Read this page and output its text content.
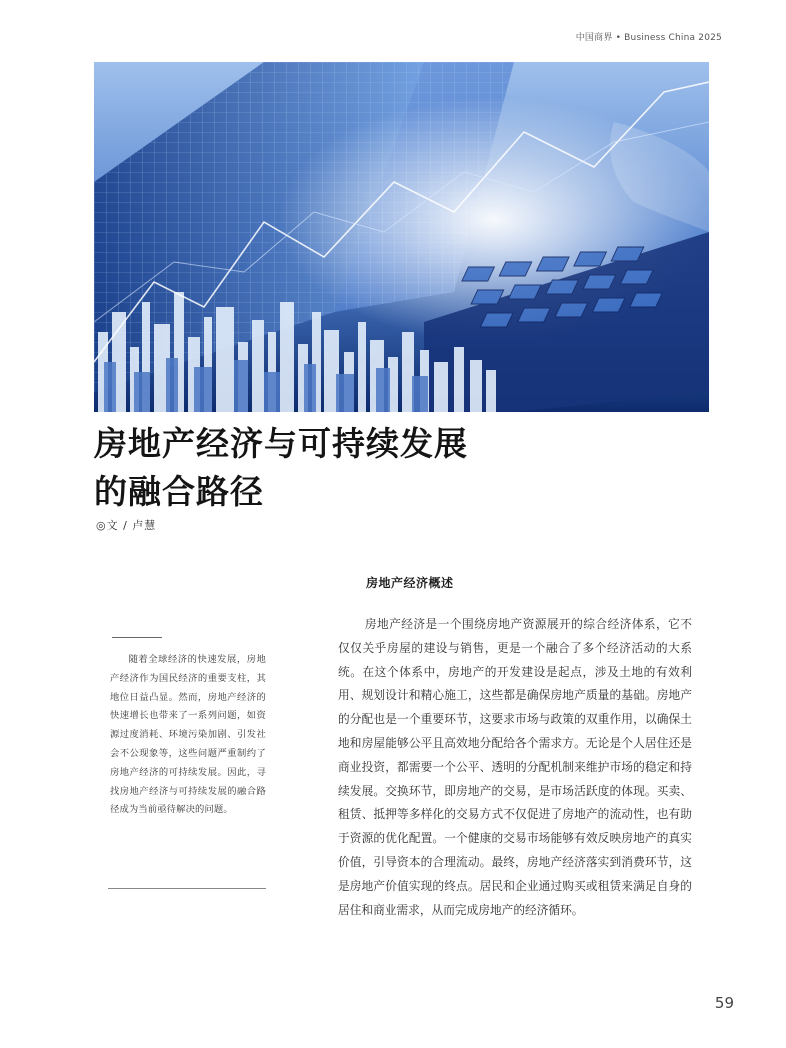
中国商界 • Business China 2025
房地产经济与可持续发展
的融合路径
◎文 / 卢慧
房地产经济概述
随着全球经济的快速发展，房地产经济作为国民经济的重要支柱，其地位日益凸显。然而，房地产经济的快速增长也带来了一系列问题，如资源过度消耗、环境污染加剧、引发社会不公现象等，这些问题严重制约了房地产经济的可持续发展。因此，寻找房地产经济与可持续发展的融合路径成为当前亟待解决的问题。

房地产经济是一个围绕房地产资源展开的综合经济体系，它不仅仅关乎房屋的建设与销售，更是一个融合了多个经济活动的大系统。在这个体系中，房地产的开发建设是起点，涉及土地的有效利用、规划设计和精心施工，这些都是确保房地产质量的基础。房地产的分配也是一个重要环节，这要求市场与政策的双重作用，以确保土地和房屋能够公平且高效地分配给各个需求方。无论是个人居住还是商业投资，都需要一个公平、透明的分配机制来维护市场的稳定和持续发展。交换环节，即房地产的交易，是市场活跃度的体现。买卖、租赁、抵押等多样化的交易方式不仅促进了房地产的流动性，也有助于资源的优化配置。一个健康的交易市场能够有效反映房地产的真实价值，引导资本的合理流动。最终，房地产经济落实到消费环节，这是房地产价值实现的终点。居民和企业通过购买或租赁来满足自身的居住和商业需求，从而完成房地产的经济循环。

59
